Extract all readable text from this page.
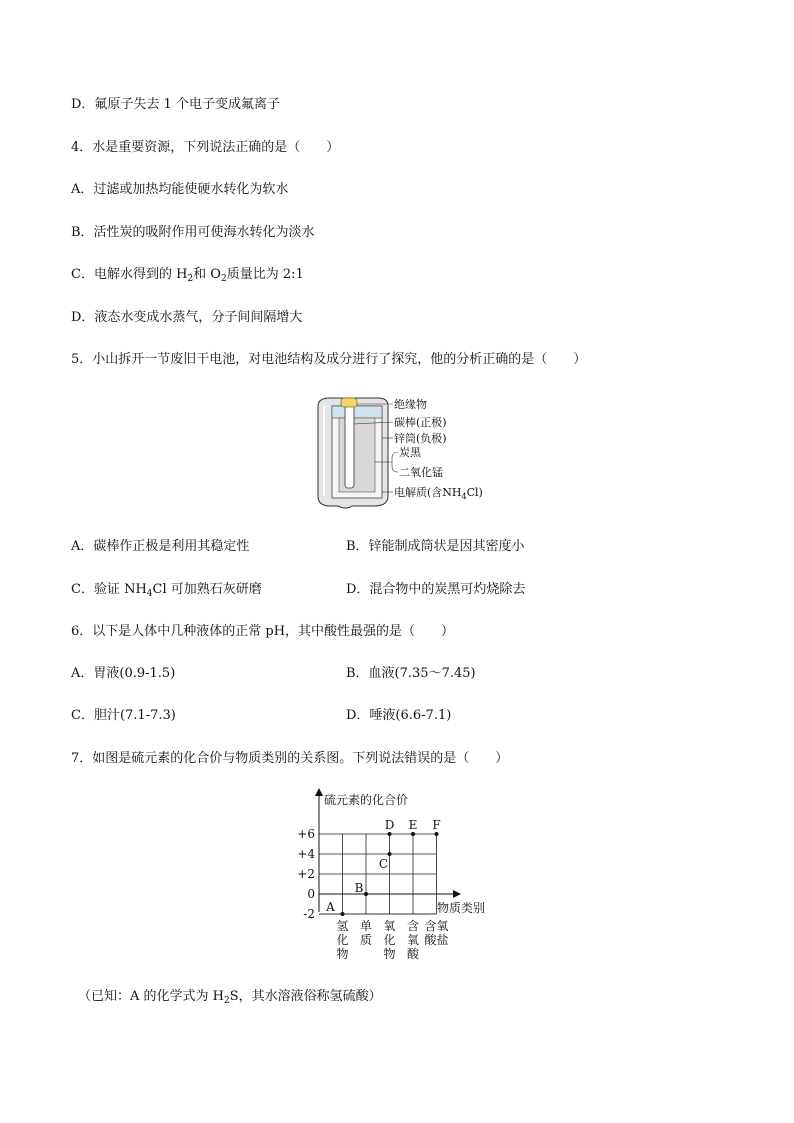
D．氟原子失去 1 个电子变成氟离子
4．水是重要资源，下列说法正确的是（　　）
A．过滤或加热均能使硬水转化为软水
B．活性炭的吸附作用可使海水转化为淡水
C．电解水得到的 $H_2$和 $O_2$质量比为 2:1
D．液态水变成水蒸气，分子间间隔增大
5．小山拆开一节废旧干电池，对电池结构及成分进行了探究，他的分析正确的是（　　）
绝缘物
碳棒(正极)
锌筒(负极)
炭黑
二氧化锰
电解质(含$NH_4Cl$)
A．碳棒作正极是利用其稳定性	B．锌能制成筒状是因其密度小
C．验证 $NH_4Cl$ 可加熟石灰研磨	D．混合物中的炭黑可灼烧除去
6．以下是人体中几种液体的正常 pH，其中酸性最强的是（　　）
A．胃液(0.9-1.5)	B．血液(7.35～7.45)
C．胆汁(7.1-7.3)	D．唾液(6.6-7.1)
7．如图是硫元素的化合价与物质类别的关系图。下列说法错误的是（　　）
硫元素的化合价
物质类别
+6
+4
+2
0
-2
氢
化
物
单
质
氧
化
物
含
氧
酸
含氧
酸盐
A
B
C
D E F
（已知：A 的化学式为 $H_2S$，其水溶液俗称氢硫酸）
